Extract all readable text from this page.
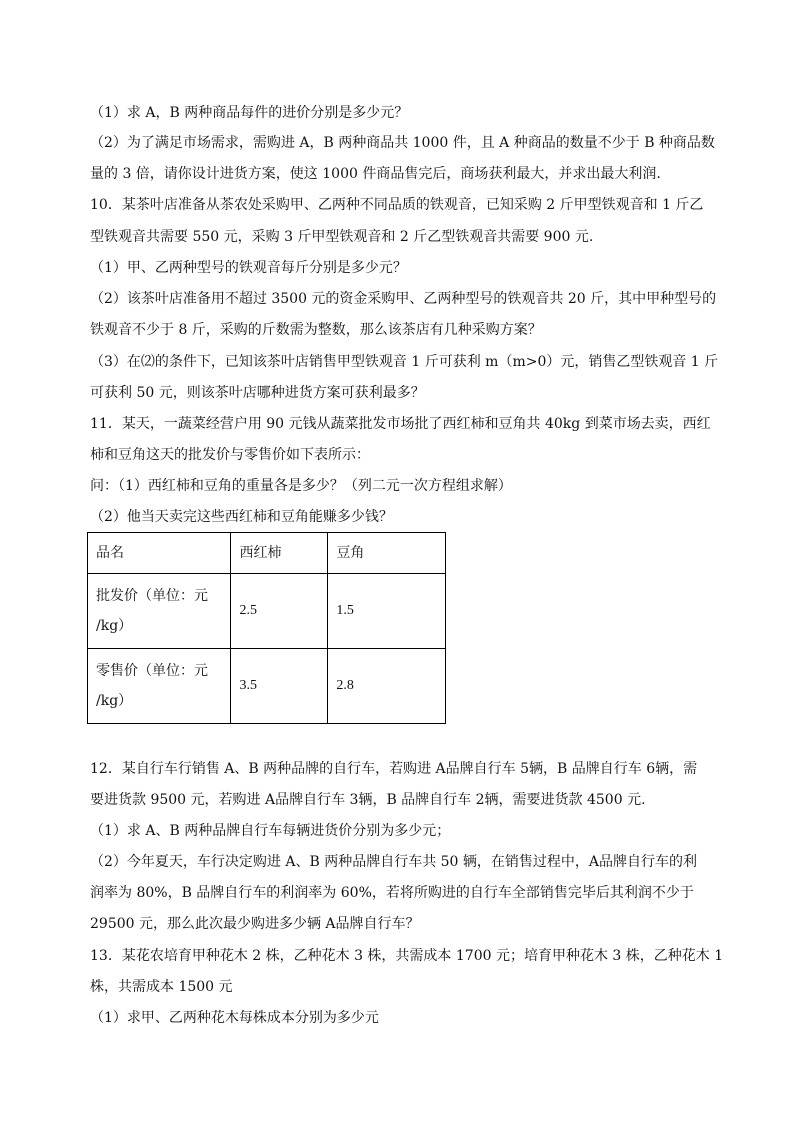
（1）求 A，B 两种商品每件的进价分别是多少元？
（2）为了满足市场需求，需购进 A，B 两种商品共 1000 件，且 A 种商品的数量不少于 B 种商品数
量的 3 倍，请你设计进货方案，使这 1000 件商品售完后，商场获利最大，并求出最大利润.
10．某茶叶店准备从茶农处采购甲、乙两种不同品质的铁观音，已知采购 2 斤甲型铁观音和 1 斤乙
型铁观音共需要 550 元，采购 3 斤甲型铁观音和 2 斤乙型铁观音共需要 900 元.
（1）甲、乙两种型号的铁观音每斤分别是多少元？
（2）该茶叶店准备用不超过 3500 元的资金采购甲、乙两种型号的铁观音共 20 斤，其中甲种型号的
铁观音不少于 8 斤，采购的斤数需为整数，那么该茶店有几种采购方案？
（3）在⑵的条件下，已知该茶叶店销售甲型铁观音 1 斤可获利 m（m>0）元，销售乙型铁观音 1 斤
可获利 50 元，则该茶叶店哪种进货方案可获利最多？
11．某天，一蔬菜经营户用 90 元钱从蔬菜批发市场批了西红柿和豆角共 40kg 到菜市场去卖，西红
柿和豆角这天的批发价与零售价如下表所示：
问：（1）西红柿和豆角的重量各是多少？（列二元一次方程组求解）
（2）他当天卖完这些西红柿和豆角能赚多少钱？
品名	西红柿	豆角
批发价（单位：元
/kg）	2.5	1.5
零售价（单位：元
/kg）	3.5	2.8
12．某自行车行销售 A、B 两种品牌的自行车，若购进 A品牌自行车 5辆，B 品牌自行车 6辆，需
要进货款 9500 元，若购进 A品牌自行车 3辆，B 品牌自行车 2辆，需要进货款 4500 元.
（1）求 A、B 两种品牌自行车每辆进货价分别为多少元；
（2）今年夏天，车行决定购进 A、B 两种品牌自行车共 50 辆，在销售过程中，A品牌自行车的利
润率为 80%，B 品牌自行车的利润率为 60%，若将所购进的自行车全部销售完毕后其利润不少于
29500 元，那么此次最少购进多少辆 A品牌自行车？
13．某花农培育甲种花木 2 株，乙种花木 3 株，共需成本 1700 元；培育甲种花木 3 株，乙种花木 1
株，共需成本 1500 元
（1）求甲、乙两种花木每株成本分别为多少元
